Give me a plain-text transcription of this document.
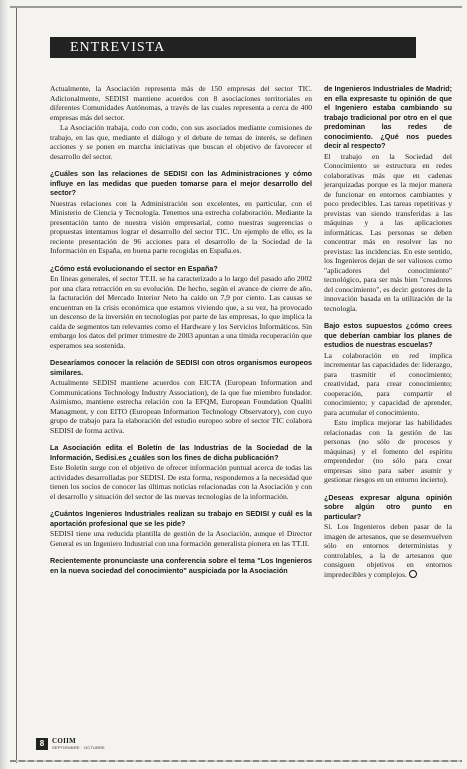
ENTREVISTA

Actualmente, la Asociación representa más de 150 empresas del sector TIC. Adicionalmente, SEDISI mantiene acuerdos con 8 asociaciones territoriales en diferentes Comunidades Autónomas, a través de las cuales representa a cerca de 400 empresas más del sector.

La Asociación trabaja, codo con codo, con sus asociados mediante comisiones de trabajo, en las que, mediante el diálogo y el debate de temas de interés, se definen acciones y se ponen en marcha iniciativas que buscan el objetivo de favorecer el desarrollo del sector.

¿Cuáles son las relaciones de SEDISI con las Administraciones y cómo influye en las medidas que pueden tomarse para el mejor desarrollo del sector?

Nuestras relaciones con la Administración son excelentes, en particular, con el Ministerio de Ciencia y Tecnología. Tenemos una estrecha colaboración. Mediante la presentación tanto de nuestra visión empresarial, como nuestras sugerencias o propuestas intentamos lograr el desarrollo del sector TIC. Un ejemplo de ello, es la reciente presentación de 96 acciones para el desarrollo de la Sociedad de la Información en España, en buena parte recogidas en España.es.

¿Cómo está evolucionando el sector en España?

En líneas generales, el sector TT.II. se ha caracterizado a lo largo del pasado año 2002 por una clara retracción en su evolución. De hecho, según el avance de cierre de año, la facturación del Mercado Interior Neto ha caído un 7,9 por ciento. Las causas se encuentran en la crisis económica que estamos viviendo que, a su vez, ha provocado un descenso de la inversión en tecnologías por parte de las empresas, lo que implica la caída de segmentos tan relevantes como el Hardware y los Servicios Informáticos. Sin embargo los datos del primer trimestre de 2003 apuntan a una tímida recuperación que esperamos sea sostenida.

Desearíamos conocer la relación de SEDISI con otros organismos europeos similares.

Actualmente SEDISI mantiene acuerdos con EICTA (European Information and Communications Technology Industry Association), de la que fue miembro fundador. Asimismo, mantiene estrecha relación con la EFQM, European Foundation Qualiti Managment, y con EITO (European Information Technology Observatory), con cuyo grupo de trabajo para la elaboración del estudio europeo sobre el sector TIC colabora SEDISI de forma activa.

La Asociación edita el Boletín de las Industrias de la Sociedad de la Información, Sedisi.es ¿cuáles son los fines de dicha publicación?

Este Boletín surge con el objetivo de ofrecer información puntual acerca de todas las actividades desarrolladas por SEDISI. De esta forma, respondemos a la necesidad que tienen los socios de conocer las últimas noticias relacionadas con la Asociación y con el desarrollo y situación del sector de las nuevas tecnologías de la información.

¿Cuántos Ingenieros Industriales realizan su trabajo en SEDISI y cuál es la aportación profesional que se les pide?

SEDISI tiene una reducida plantilla de gestión de la Asociación, aunque el Director General es un Ingeniero Industrial con una formación generalista pionera en las TT.II.

Recientemente pronunciaste una conferencia sobre el tema "Los Ingenieros en la nueva sociedad del conocimiento" auspiciada por la Asociación

de Ingenieros Industriales de Madrid; en ella expresaste tu opinión de que el Ingeniero estaba cambiando su trabajo tradicional por otro en el que predominan las redes de conocimiento. ¿Qué nos puedes decir al respecto?

El trabajo en la Sociedad del Conocimiento se estructura en redes colaborativas más que en cadenas jerarquizadas porque es la mejor manera de funcionar en entornos cambiantes y poco predecibles. Las tareas repetitivas y previstas van siendo transferidas a las máquinas y a las aplicaciones informáticas. Las personas se deben concentrar más en resolver las no previstas: las incidencias. En este sentido, los Ingenieros dejan de ser valiosos como "aplicadores del conocimiento" tecnológico, para ser más bien "creadores del conocimiento", es decir: gestores de la innovación basada en la utilización de la tecnología.

Bajo estos supuestos ¿cómo crees que deberían cambiar los planes de estudios de nuestras escuelas?

La colaboración en red implica incrementar las capacidades de: liderazgo, para trasmitir el conocimiento; creatividad, para crear conocimiento; cooperación, para compartir el conocimiento; y capacidad de aprender, para acumular el conocimiento.

Esto implica mejorar las habilidades relacionadas con la gestión de las personas (no sólo de procesos y máquinas) y el fomento del espíritu emprendedor (no sólo para crear empresas sino para saber asumir y gestionar riesgos en un entorno incierto).

¿Deseas expresar alguna opinión sobre algún otro punto en particular?

Sí. Los Ingenieros deben pasar de la imagen de artesanos, que se desenvuelven sólo en entornos deterministas y controlables, a la de artesanos que consiguen objetivos en entornos impredecibles y complejos.

8	COIIM
SEPTIEMBRE · OCTUBRE
